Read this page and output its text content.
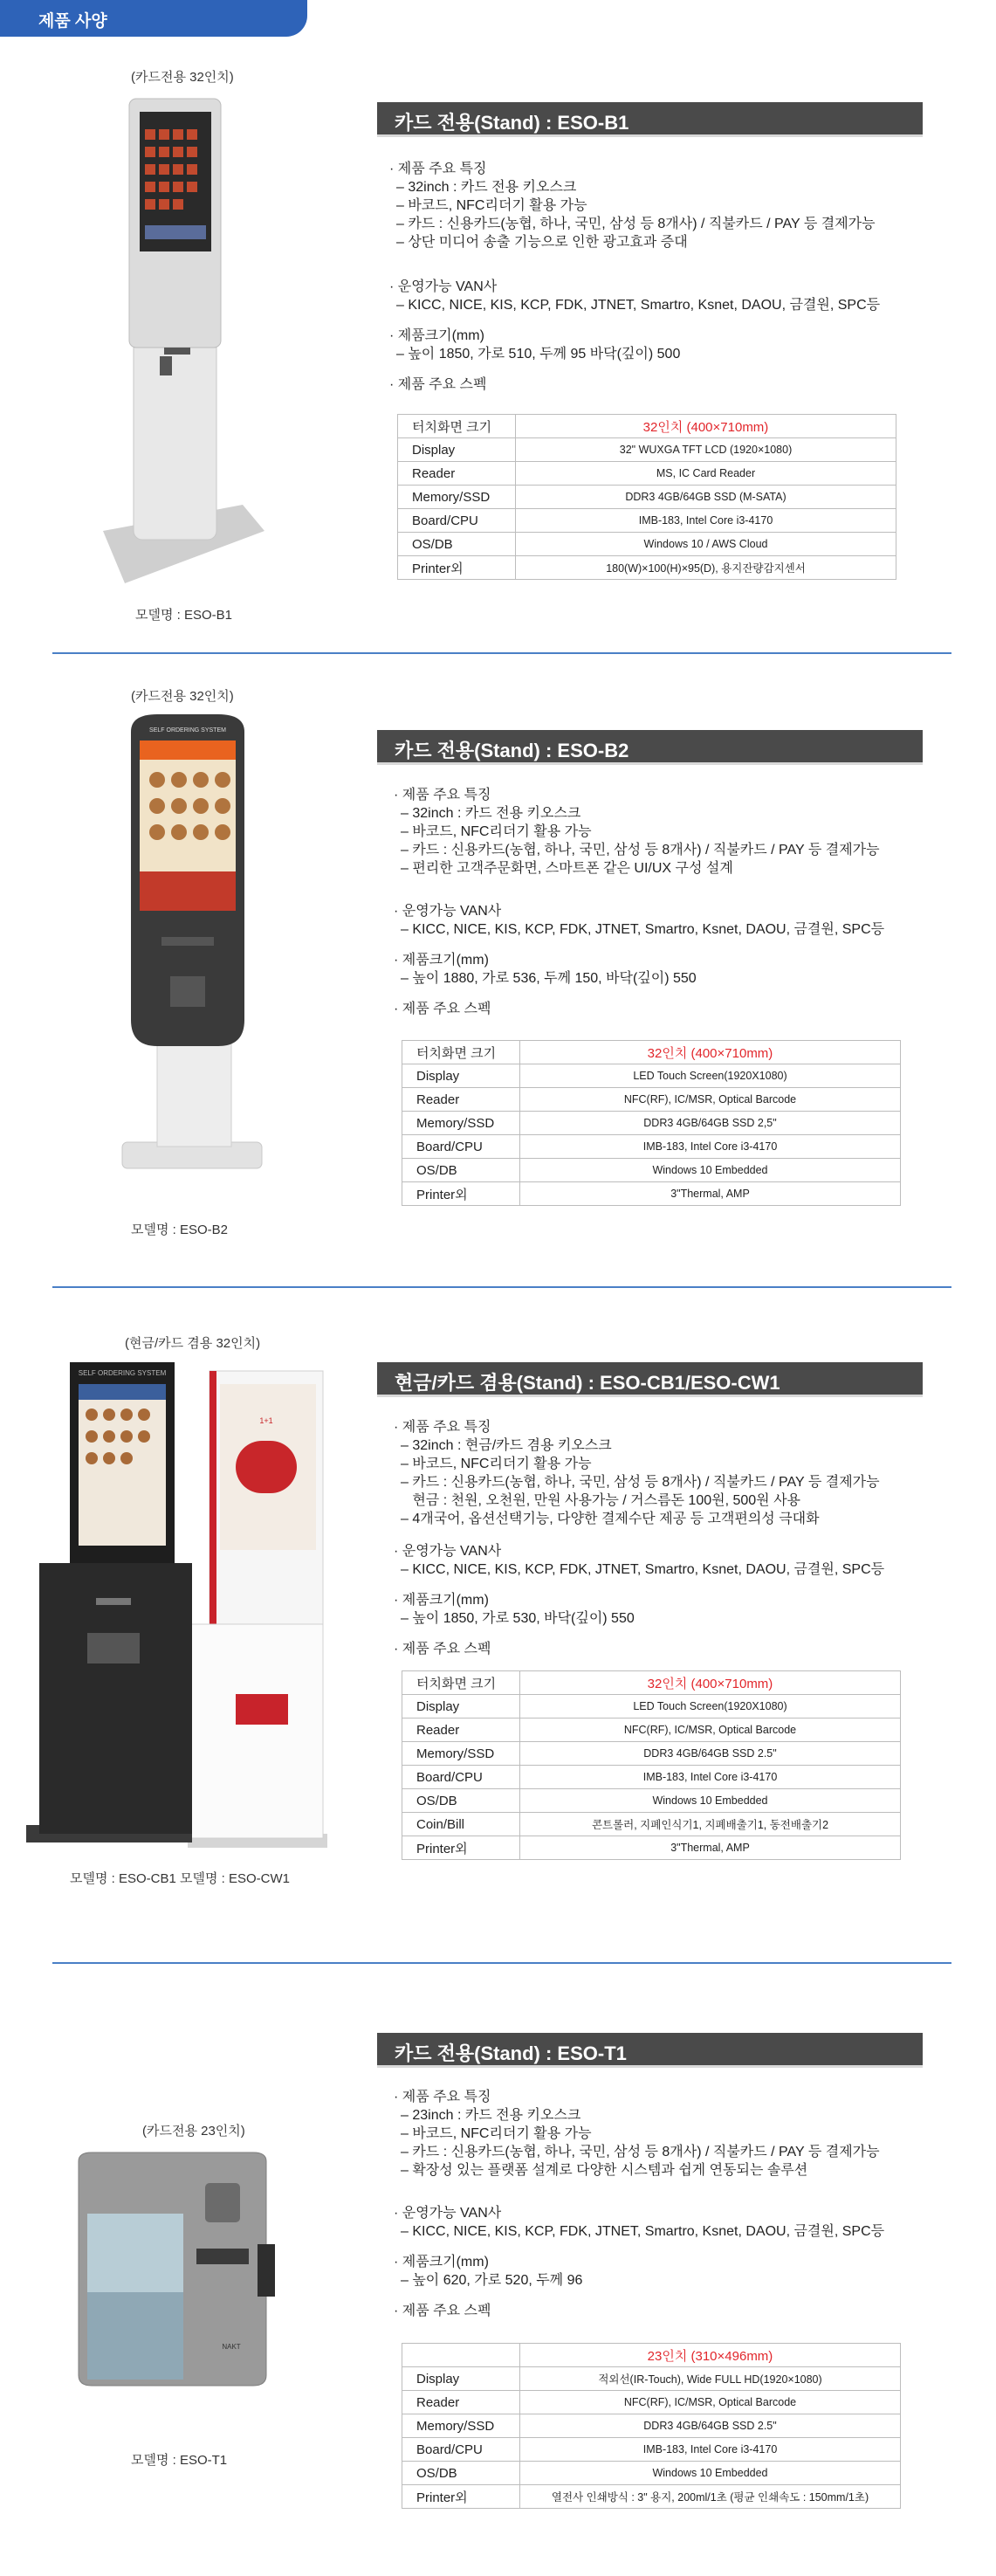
제품 사양
(카드전용 32인치)
모델명 : ESO-B1
카드 전용(Stand) : ESO-B1
· 제품 주요 특징
– 32inch : 카드 전용 키오스크
– 바코드, NFC리더기 활용 가능
– 카드 : 신용카드(농협, 하나, 국민, 삼성 등 8개사) / 직불카드 / PAY 등 결제가능
– 상단 미디어 송출 기능으로 인한 광고효과 증대
· 운영가능 VAN사
– KICC, NICE, KIS, KCP, FDK, JTNET, Smartro, Ksnet, DAOU, 금결원, SPC등
· 제품크기(mm)
– 높이 1850, 가로 510, 두께 95 바닥(깊이) 500
· 제품 주요 스펙
터치화면 크기	32인치 (400×710mm)
Display	32" WUXGA TFT LCD (1920×1080)
Reader	MS, IC Card Reader
Memory/SSD	DDR3 4GB/64GB SSD (M-SATA)
Board/CPU	IMB-183, Intel Core i3-4170
OS/DB	Windows 10 / AWS Cloud
Printer외	180(W)×100(H)×95(D), 용지잔량감지센서
(카드전용 32인치)
SELF ORDERING SYSTEM
모델명 : ESO-B2
카드 전용(Stand) : ESO-B2
· 제품 주요 특징
– 32inch : 카드 전용 키오스크
– 바코드, NFC리더기 활용 가능
– 카드 : 신용카드(농협, 하나, 국민, 삼성 등 8개사) / 직불카드 / PAY 등 결제가능
– 편리한 고객주문화면, 스마트폰 같은 UI/UX 구성 설계
· 운영가능 VAN사
– KICC, NICE, KIS, KCP, FDK, JTNET, Smartro, Ksnet, DAOU, 금결원, SPC등
· 제품크기(mm)
– 높이 1880, 가로 536, 두께 150, 바닥(깊이) 550
· 제품 주요 스펙
터치화면 크기	32인치 (400×710mm)
Display	LED Touch Screen(1920X1080)
Reader	NFC(RF), IC/MSR, Optical Barcode
Memory/SSD	DDR3 4GB/64GB SSD 2,5"
Board/CPU	IMB-183, Intel Core i3-4170
OS/DB	Windows 10 Embedded
Printer외	3"Thermal, AMP
(현금/카드 겸용 32인치)
1+1
SELF ORDERING SYSTEM
모델명 : ESO-CB1 모델명 : ESO-CW1
현금/카드 겸용(Stand) : ESO-CB1/ESO-CW1
· 제품 주요 특징
– 32inch : 현금/카드 겸용 키오스크
– 바코드, NFC리더기 활용 가능
– 카드 : 신용카드(농협, 하나, 국민, 삼성 등 8개사) / 직불카드 / PAY 등 결제가능
현금 : 천원, 오천원, 만원 사용가능 / 거스름돈 100원, 500원 사용
– 4개국어, 옵션선택기능, 다양한 결제수단 제공 등 고객편의성 극대화
· 운영가능 VAN사
– KICC, NICE, KIS, KCP, FDK, JTNET, Smartro, Ksnet, DAOU, 금결원, SPC등
· 제품크기(mm)
– 높이 1850, 가로 530, 바닥(깊이) 550
· 제품 주요 스펙
터치화면 크기	32인치 (400×710mm)
Display	LED Touch Screen(1920X1080)
Reader	NFC(RF), IC/MSR, Optical Barcode
Memory/SSD	DDR3 4GB/64GB SSD 2.5"
Board/CPU	IMB-183, Intel Core i3-4170
OS/DB	Windows 10 Embedded
Coin/Bill	콘트롤러, 지폐인식기1, 지폐배출기1, 동전배출기2
Printer외	3"Thermal, AMP
(카드전용 23인치)
NAKT
모델명 : ESO-T1
카드 전용(Stand) : ESO-T1
· 제품 주요 특징
– 23inch : 카드 전용 키오스크
– 바코드, NFC리더기 활용 가능
– 카드 : 신용카드(농협, 하나, 국민, 삼성 등 8개사) / 직불카드 / PAY 등 결제가능
– 확장성 있는 플랫폼 설계로 다양한 시스템과 쉽게 연동되는 솔루션
· 운영가능 VAN사
– KICC, NICE, KIS, KCP, FDK, JTNET, Smartro, Ksnet, DAOU, 금결원, SPC등
· 제품크기(mm)
– 높이 620, 가로 520, 두께 96
· 제품 주요 스펙
	23인치 (310×496mm)
Display	적외선(IR-Touch), Wide FULL HD(1920×1080)
Reader	NFC(RF), IC/MSR, Optical Barcode
Memory/SSD	DDR3 4GB/64GB SSD 2.5"
Board/CPU	IMB-183, Intel Core i3-4170
OS/DB	Windows 10 Embedded
Printer외	열전사 인쇄방식 : 3" 용지, 200ml/1초 (평균 인쇄속도 : 150mm/1초)
